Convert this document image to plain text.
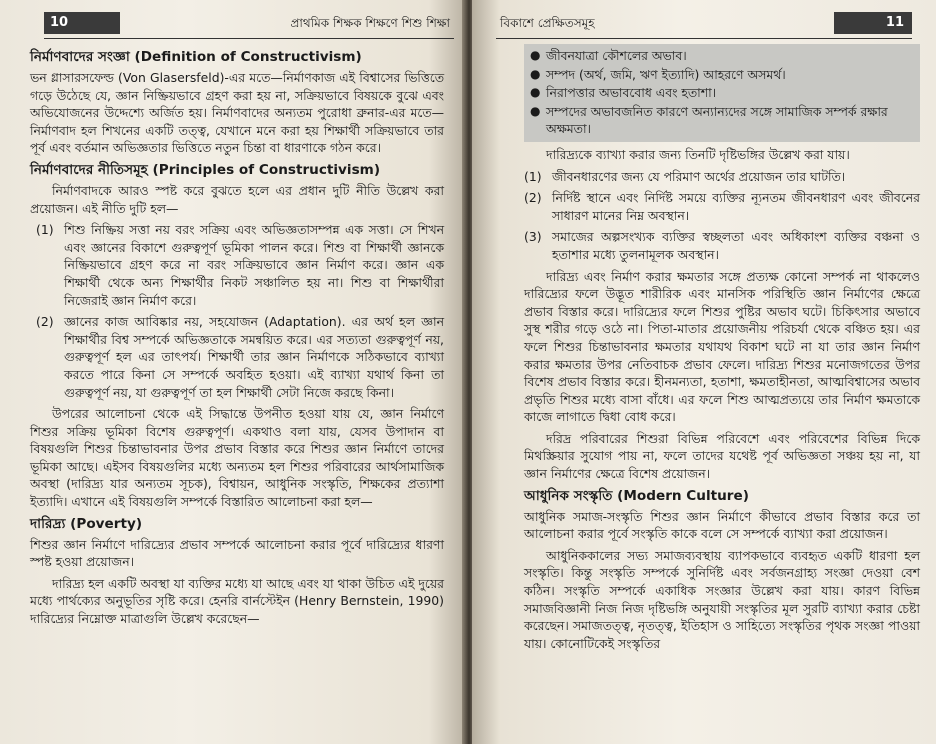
10	প্রাথমিক শিক্ষক শিক্ষণে শিশু শিক্ষা
নির্মাণবাদের সংজ্ঞা (Definition of Constructivism)

ভন গ্লাসারসফেল্ড (Von Glasersfeld)-এর মতে—নির্মাণকাজ এই বিশ্বাসের ভিত্তিতে গড়ে উঠেছে যে, জ্ঞান নিষ্ক্রিয়ভাবে গ্রহণ করা হয় না, সক্রিয়ভাবে বিষয়কে বুঝে এবং অভিযোজনের উদ্দেশ্যে অর্জিত হয়। নির্মাণবাদের অন্যতম পুরোধা ব্রুনার-এর মতে—নির্মাণবাদ হল শিখনের একটি তত্ত্ব, যেখানে মনে করা হয় শিক্ষার্থী সক্রিয়ভাবে তার পূর্ব এবং বর্তমান অভিজ্ঞতার ভিত্তিতে নতুন চিন্তা বা ধারণাকে গঠন করে।

নির্মাণবাদের নীতিসমূহ (Principles of Constructivism)

নির্মাণবাদকে আরও স্পষ্ট করে বুঝতে হলে এর প্রধান দুটি নীতি উল্লেখ করা প্রয়োজন। এই নীতি দুটি হল—

(1) শিশু নিষ্ক্রিয় সত্তা নয় বরং সক্রিয় এবং অভিজ্ঞতাসম্পন্ন এক সত্তা। সে শিখন এবং জ্ঞানের বিকাশে গুরুত্বপূর্ণ ভূমিকা পালন করে। শিশু বা শিক্ষার্থী জ্ঞানকে নিষ্ক্রিয়ভাবে গ্রহণ করে না বরং সক্রিয়ভাবে জ্ঞান নির্মাণ করে। জ্ঞান এক শিক্ষার্থী থেকে অন্য শিক্ষার্থীর নিকট সঞ্চালিত হয় না। শিশু বা শিক্ষার্থীরা নিজেরাই জ্ঞান নির্মাণ করে।
(2) জ্ঞানের কাজ আবিষ্কার নয়, সহযোজন (Adaptation). এর অর্থ হল জ্ঞান শিক্ষার্থীর বিশ্ব সম্পর্কে অভিজ্ঞতাকে সমন্বয়িত করে। এর সত্যতা গুরুত্বপূর্ণ নয়, গুরুত্বপূর্ণ হল এর তাৎপর্য। শিক্ষার্থী তার জ্ঞান নির্মাণকে সঠিকভাবে ব্যাখ্যা করতে পারে কিনা সে সম্পর্কে অবহিত হওয়া। এই ব্যাখ্যা যথার্থ কিনা তা গুরুত্বপূর্ণ নয়, যা গুরুত্বপূর্ণ তা হল শিক্ষার্থী সেটা নিজে করছে কিনা।

উপরের আলোচনা থেকে এই সিদ্ধান্তে উপনীত হওয়া যায় যে, জ্ঞান নির্মাণে শিশুর সক্রিয় ভূমিকা বিশেষ গুরুত্বপূর্ণ। একথাও বলা যায়, যেসব উপাদান বা বিষয়গুলি শিশুর চিন্তাভাবনার উপর প্রভাব বিস্তার করে শিশুর জ্ঞান নির্মাণে তাদের ভূমিকা আছে। এইসব বিষয়গুলির মধ্যে অন্যতম হল শিশুর পরিবারের আর্থসামাজিক অবস্থা (দারিদ্র্য যার অন্যতম সূচক), বিশ্বায়ন, আধুনিক সংস্কৃতি, শিক্ষকের প্রত্যাশা ইত্যাদি। এখানে এই বিষয়গুলি সম্পর্কে বিস্তারিত আলোচনা করা হল—

দারিদ্র্য (Poverty)

শিশুর জ্ঞান নির্মাণে দারিদ্র্যের প্রভাব সম্পর্কে আলোচনা করার পূর্বে দারিদ্র্যের ধারণা স্পষ্ট হওয়া প্রয়োজন।

দারিদ্র্য হল একটি অবস্থা যা ব্যক্তির মধ্যে যা আছে এবং যা থাকা উচিত এই দুয়ের মধ্যে পার্থক্যের অনুভূতির সৃষ্টি করে। হেনরি বার্নস্টেইন (Henry Bernstein, 1990) দারিদ্র্যের নিম্নোক্ত মাত্রাগুলি উল্লেখ করেছেন—

বিকাশে প্রেক্ষিতসমূহ	11
● জীবনযাত্রা কৌশলের অভাব।
● সম্পদ (অর্থ, জমি, ঋণ ইত্যাদি) আহরণে অসমর্থ।
● নিরাপত্তার অভাববোধ এবং হতাশা।
● সম্পদের অভাবজনিত কারণে অন্যান্যদের সঙ্গে সামাজিক সম্পর্ক রক্ষার অক্ষমতা।

দারিদ্র্যকে ব্যাখ্যা করার জন্য তিনটি দৃষ্টিভঙ্গির উল্লেখ করা যায়।

(1) জীবনধারণের জন্য যে পরিমাণ অর্থের প্রয়োজন তার ঘাটতি।
(2) নির্দিষ্ট স্থানে এবং নির্দিষ্ট সময়ে ব্যক্তির ন্যূনতম জীবনধারণ এবং জীবনের সাধারণ মানের নিম্ন অবস্থান।
(3) সমাজের অল্পসংখ্যক ব্যক্তির স্বচ্ছলতা এবং অধিকাংশ ব্যক্তির বঞ্চনা ও হতাশার মধ্যে তুলনামূলক অবস্থান।

দারিদ্র্য এবং নির্মাণ করার ক্ষমতার সঙ্গে প্রত্যক্ষ কোনো সম্পর্ক না থাকলেও দারিদ্র্যের ফলে উদ্ভূত শারীরিক এবং মানসিক পরিস্থিতি জ্ঞান নির্মাণের ক্ষেত্রে প্রভাব বিস্তার করে। দারিদ্র্যের ফলে শিশুর পুষ্টির অভাব ঘটে। চিকিৎসার অভাবে সুস্থ শরীর গড়ে ওঠে না। পিতা-মাতার প্রয়োজনীয় পরিচর্যা থেকে বঞ্চিত হয়। এর ফলে শিশুর চিন্তাভাবনার ক্ষমতার যথাযথ বিকাশ ঘটে না যা তার জ্ঞান নির্মাণ করার ক্ষমতার উপর নেতিবাচক প্রভাব ফেলে। দারিদ্র্য শিশুর মনোজগতের উপর বিশেষ প্রভাব বিস্তার করে। হীনমন্যতা, হতাশা, ক্ষমতাহীনতা, আত্মবিশ্বাসের অভাব প্রভৃতি শিশুর মধ্যে বাসা বাঁধে। এর ফলে শিশু আত্মপ্রত্যয়ে তার নির্মাণ ক্ষমতাকে কাজে লাগাতে দ্বিধা বোধ করে।

দরিদ্র পরিবারের শিশুরা বিভিন্ন পরিবেশে এবং পরিবেশের বিভিন্ন দিকে মিথস্ক্রিয়ার সুযোগ পায় না, ফলে তাদের যথেষ্ট পূর্ব অভিজ্ঞতা সঞ্চয় হয় না, যা জ্ঞান নির্মাণের ক্ষেত্রে বিশেষ প্রয়োজন।

আধুনিক সংস্কৃতি (Modern Culture)

আধুনিক সমাজ-সংস্কৃতি শিশুর জ্ঞান নির্মাণে কীভাবে প্রভাব বিস্তার করে তা আলোচনা করার পূর্বে সংস্কৃতি কাকে বলে সে সম্পর্কে ব্যাখ্যা করা প্রয়োজন।

আধুনিককালের সভ্য সমাজব্যবস্থায় ব্যাপকভাবে ব্যবহৃত একটি ধারণা হল সংস্কৃতি। কিন্তু সংস্কৃতি সম্পর্কে সুনির্দিষ্ট এবং সর্বজনগ্রাহ্য সংজ্ঞা দেওয়া বেশ কঠিন। সংস্কৃতি সম্পর্কে একাধিক সংজ্ঞার উল্লেখ করা যায়। কারণ বিভিন্ন সমাজবিজ্ঞানী নিজ নিজ দৃষ্টিভঙ্গি অনুযায়ী সংস্কৃতির মূল সুরটি ব্যাখ্যা করার চেষ্টা করেছেন। সমাজতত্ত্ব, নৃতত্ত্ব, ইতিহাস ও সাহিত্যে সংস্কৃতির পৃথক সংজ্ঞা পাওয়া যায়। কোনোটিকেই সংস্কৃতির
